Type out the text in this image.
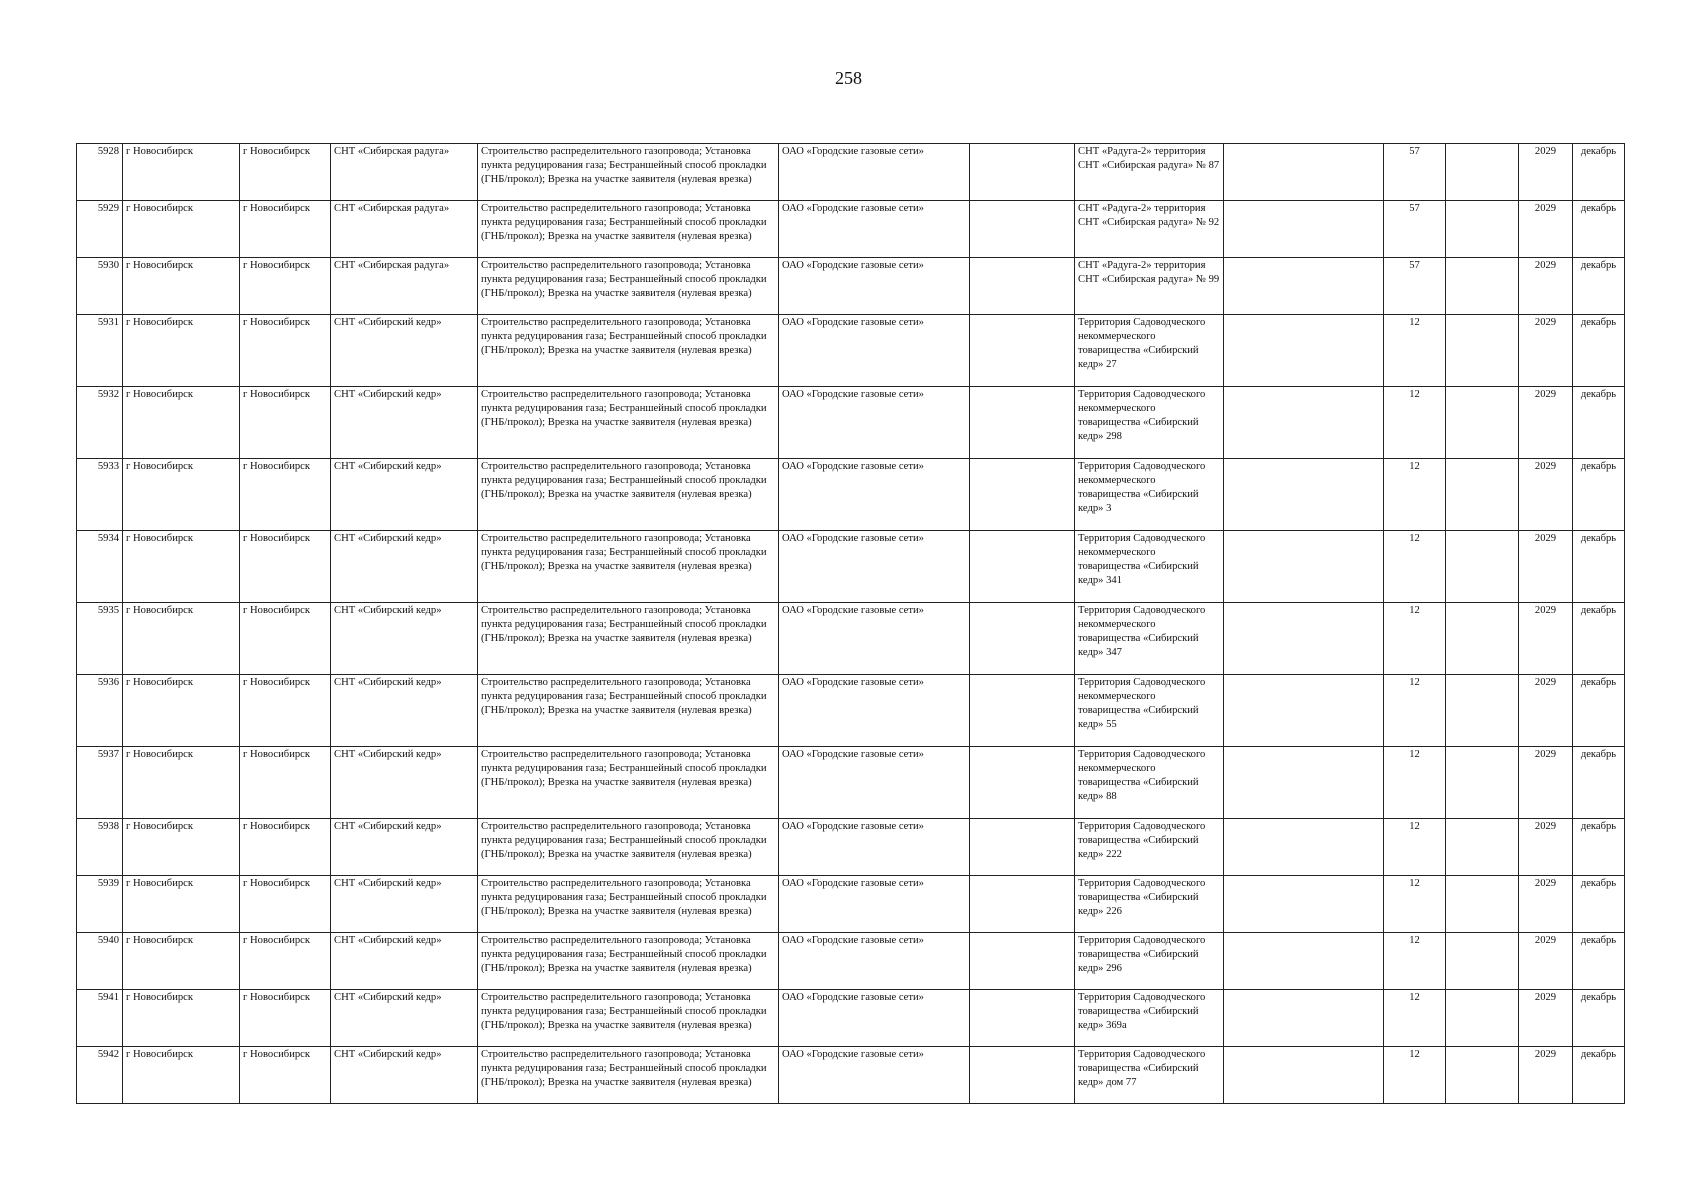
258
5928	г Новосибирск	г Новосибирск	СНТ «Сибирская радуга»	Строительство распределительного газопровода; Установка пункта редуцирования газа; Бестраншейный способ прокладки (ГНБ/прокол); Врезка на участке заявителя (нулевая врезка)	ОАО «Городские газовые сети»		СНТ «Радуга-2» территория СНТ «Сибирская радуга» № 87		57		2029	декабрь
5929	г Новосибирск	г Новосибирск	СНТ «Сибирская радуга»	Строительство распределительного газопровода; Установка пункта редуцирования газа; Бестраншейный способ прокладки (ГНБ/прокол); Врезка на участке заявителя (нулевая врезка)	ОАО «Городские газовые сети»		СНТ «Радуга-2» территория СНТ «Сибирская радуга» № 92		57		2029	декабрь
5930	г Новосибирск	г Новосибирск	СНТ «Сибирская радуга»	Строительство распределительного газопровода; Установка пункта редуцирования газа; Бестраншейный способ прокладки (ГНБ/прокол); Врезка на участке заявителя (нулевая врезка)	ОАО «Городские газовые сети»		СНТ «Радуга-2» территория СНТ «Сибирская радуга» № 99		57		2029	декабрь
5931	г Новосибирск	г Новосибирск	СНТ «Сибирский кедр»	Строительство распределительного газопровода; Установка пункта редуцирования газа; Бестраншейный способ прокладки (ГНБ/прокол); Врезка на участке заявителя (нулевая врезка)	ОАО «Городские газовые сети»		Территория Садоводческого некоммерческого товарищества «Сибирский кедр» 27		12		2029	декабрь
5932	г Новосибирск	г Новосибирск	СНТ «Сибирский кедр»	Строительство распределительного газопровода; Установка пункта редуцирования газа; Бестраншейный способ прокладки (ГНБ/прокол); Врезка на участке заявителя (нулевая врезка)	ОАО «Городские газовые сети»		Территория Садоводческого некоммерческого товарищества «Сибирский кедр» 298		12		2029	декабрь
5933	г Новосибирск	г Новосибирск	СНТ «Сибирский кедр»	Строительство распределительного газопровода; Установка пункта редуцирования газа; Бестраншейный способ прокладки (ГНБ/прокол); Врезка на участке заявителя (нулевая врезка)	ОАО «Городские газовые сети»		Территория Садоводческого некоммерческого товарищества «Сибирский кедр» 3		12		2029	декабрь
5934	г Новосибирск	г Новосибирск	СНТ «Сибирский кедр»	Строительство распределительного газопровода; Установка пункта редуцирования газа; Бестраншейный способ прокладки (ГНБ/прокол); Врезка на участке заявителя (нулевая врезка)	ОАО «Городские газовые сети»		Территория Садоводческого некоммерческого товарищества «Сибирский кедр» 341		12		2029	декабрь
5935	г Новосибирск	г Новосибирск	СНТ «Сибирский кедр»	Строительство распределительного газопровода; Установка пункта редуцирования газа; Бестраншейный способ прокладки (ГНБ/прокол); Врезка на участке заявителя (нулевая врезка)	ОАО «Городские газовые сети»		Территория Садоводческого некоммерческого товарищества «Сибирский кедр» 347		12		2029	декабрь
5936	г Новосибирск	г Новосибирск	СНТ «Сибирский кедр»	Строительство распределительного газопровода; Установка пункта редуцирования газа; Бестраншейный способ прокладки (ГНБ/прокол); Врезка на участке заявителя (нулевая врезка)	ОАО «Городские газовые сети»		Территория Садоводческого некоммерческого товарищества «Сибирский кедр» 55		12		2029	декабрь
5937	г Новосибирск	г Новосибирск	СНТ «Сибирский кедр»	Строительство распределительного газопровода; Установка пункта редуцирования газа; Бестраншейный способ прокладки (ГНБ/прокол); Врезка на участке заявителя (нулевая врезка)	ОАО «Городские газовые сети»		Территория Садоводческого некоммерческого товарищества «Сибирский кедр» 88		12		2029	декабрь
5938	г Новосибирск	г Новосибирск	СНТ «Сибирский кедр»	Строительство распределительного газопровода; Установка пункта редуцирования газа; Бестраншейный способ прокладки (ГНБ/прокол); Врезка на участке заявителя (нулевая врезка)	ОАО «Городские газовые сети»		Территория Садоводческого товарищества «Сибирский кедр» 222		12		2029	декабрь
5939	г Новосибирск	г Новосибирск	СНТ «Сибирский кедр»	Строительство распределительного газопровода; Установка пункта редуцирования газа; Бестраншейный способ прокладки (ГНБ/прокол); Врезка на участке заявителя (нулевая врезка)	ОАО «Городские газовые сети»		Территория Садоводческого товарищества «Сибирский кедр» 226		12		2029	декабрь
5940	г Новосибирск	г Новосибирск	СНТ «Сибирский кедр»	Строительство распределительного газопровода; Установка пункта редуцирования газа; Бестраншейный способ прокладки (ГНБ/прокол); Врезка на участке заявителя (нулевая врезка)	ОАО «Городские газовые сети»		Территория Садоводческого товарищества «Сибирский кедр» 296		12		2029	декабрь
5941	г Новосибирск	г Новосибирск	СНТ «Сибирский кедр»	Строительство распределительного газопровода; Установка пункта редуцирования газа; Бестраншейный способ прокладки (ГНБ/прокол); Врезка на участке заявителя (нулевая врезка)	ОАО «Городские газовые сети»		Территория Садоводческого товарищества «Сибирский кедр» 369а		12		2029	декабрь
5942	г Новосибирск	г Новосибирск	СНТ «Сибирский кедр»	Строительство распределительного газопровода; Установка пункта редуцирования газа; Бестраншейный способ прокладки (ГНБ/прокол); Врезка на участке заявителя (нулевая врезка)	ОАО «Городские газовые сети»		Территория Садоводческого товарищества «Сибирский кедр» дом 77		12		2029	декабрь
